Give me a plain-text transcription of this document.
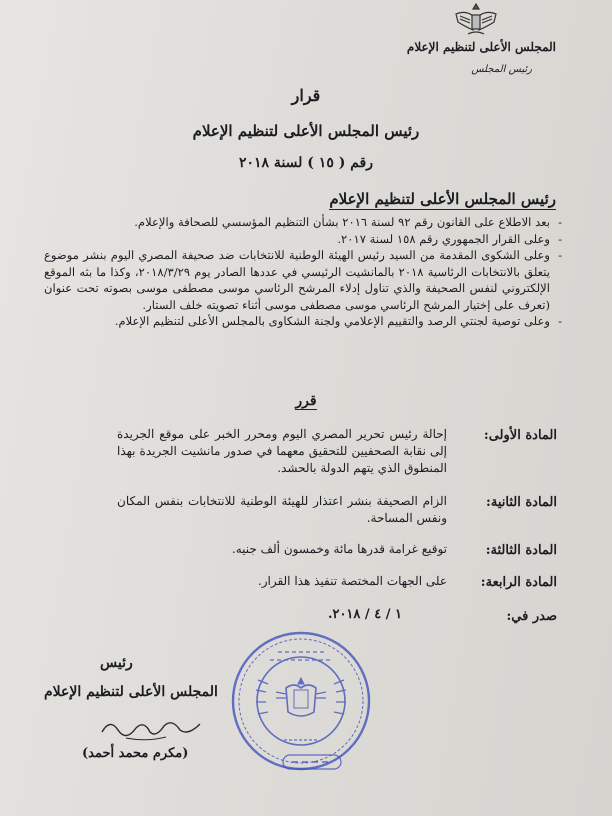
المجلس الأعلى لتنظيم الإعلام
رئيس المجلس
قرار
رئيس المجلس الأعلى لتنظيم الإعلام
رقم ( ١٥ ) لسنة ٢٠١٨
رئيس المجلس الأعلى لتنظيم الإعلام
- بعد الاطلاع على القانون رقم ٩٢ لسنة ٢٠١٦ بشأن التنظيم المؤسسي للصحافة والإعلام.
- وعلى القرار الجمهوري رقم ١٥٨ لسنة ٢٠١٧.
- وعلى الشكوى المقدمة من السيد رئيس الهيئة الوطنية للانتخابات ضد صحيفة المصري اليوم بنشر موضوع يتعلق بالانتخابات الرئاسية ٢٠١٨ بالمانشيت الرئيسي في عددها الصادر يوم ٢٠١٨/٣/٢٩، وكذا ما بثه الموقع الإلكتروني لنفس الصحيفة والذي تناول إدلاء المرشح الرئاسي موسى مصطفى موسى بصوته تحت عنوان (تعرف على إختيار المرشح الرئاسي موسى مصطفى موسى أثناء تصويته خلف الستار.
- وعلى توصية لجنتي الرصد والتقييم الإعلامي ولجنة الشكاوى بالمجلس الأعلى لتنظيم الإعلام.
قرر
المادة الأولى:
إحالة رئيس تحرير المصري اليوم ومحرر الخبر على موقع الجريدة إلى نقابة الصحفيين للتحقيق معهما في صدور مانشيت الجريدة بهذا المنطوق الذي يتهم الدولة بالحشد.
المادة الثانية:
الزام الصحيفة بنشر اعتذار للهيئة الوطنية للانتخابات بنفس المكان ونفس المساحة.
المادة الثالثة:
توقيع غرامة قدرها مائة وخمسون ألف جنيه.
المادة الرابعة:
على الجهات المختصة تنفيذ هذا القرار.
صدر في:
١ / ٤ / ٢٠١٨.
رئيس
المجلس الأعلى لتنظيم الإعلام
(مكرم محمد أحمد)
